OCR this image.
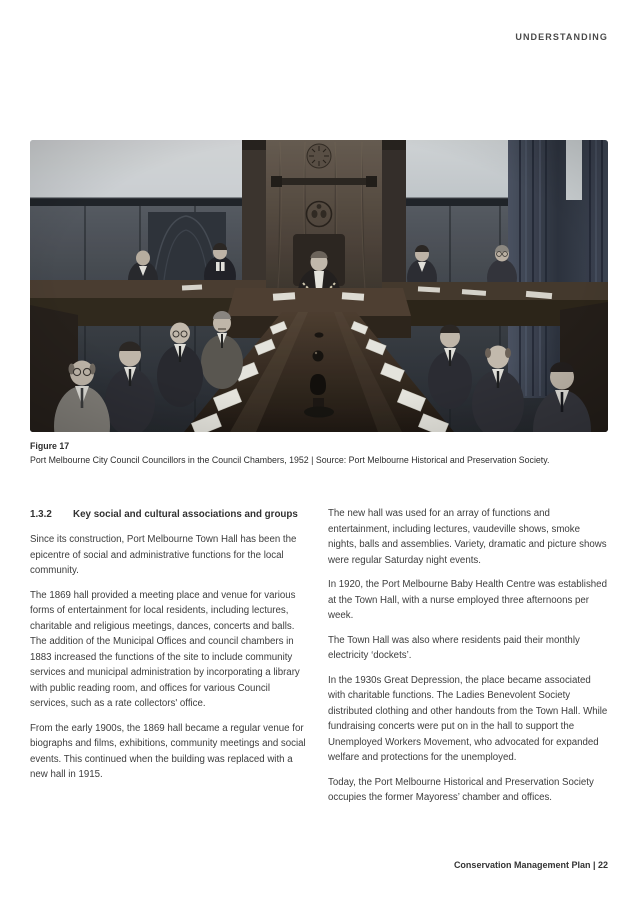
UNDERSTANDING

Figure 17

Port Melbourne City Council Councillors in the Council Chambers, 1952 | Source: Port Melbourne Historical and Preservation Society.

1.3.2	Key social and cultural associations and groups

Since its construction, Port Melbourne Town Hall has been the epicentre of social and administrative functions for the local community.

The 1869 hall provided a meeting place and venue for various forms of entertainment for local residents, including lectures, charitable and religious meetings, dances, concerts and balls. The addition of the Municipal Offices and council chambers in 1883 increased the functions of the site to include community services and municipal administration by incorporating a library with public reading room, and offices for various Council services, such as a rate collectors' office.

From the early 1900s, the 1869 hall became a regular venue for biographs and films, exhibitions, community meetings and social events. This continued when the building was replaced with a new hall in 1915.

The new hall was used for an array of functions and entertainment, including lectures, vaudeville shows, smoke nights, balls and assemblies. Variety, dramatic and picture shows were regular Saturday night events.

In 1920, the Port Melbourne Baby Health Centre was established at the Town Hall, with a nurse employed three afternoons per week.

The Town Hall was also where residents paid their monthly electricity ‘dockets’.

In the 1930s Great Depression, the place became associated with charitable functions. The Ladies Benevolent Society distributed clothing and other handouts from the Town Hall. While fundraising concerts were put on in the hall to support the Unemployed Workers Movement, who advocated for expanded welfare and protections for the unemployed.

Today, the Port Melbourne Historical and Preservation Society occupies the former Mayoress’ chamber and offices.

Conservation Management Plan | 22
